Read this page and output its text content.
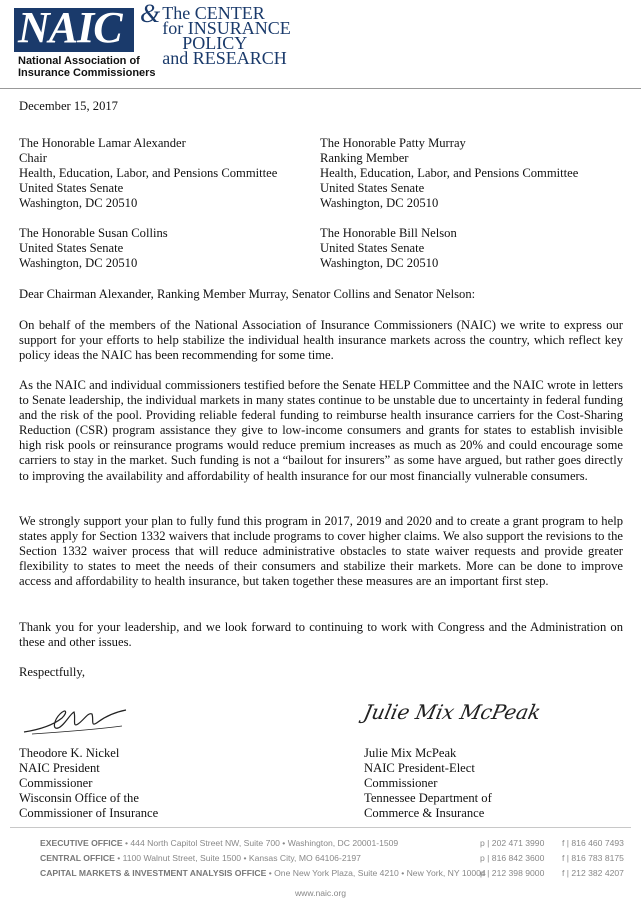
NAIC
National Association of
Insurance Commissioners
& The CENTER
for INSURANCE
POLICY
and RESEARCH
December 15, 2017
The Honorable Lamar Alexander
Chair
Health, Education, Labor, and Pensions Committee
United States Senate
Washington, DC 20510
The Honorable Patty Murray
Ranking Member
Health, Education, Labor, and Pensions Committee
United States Senate
Washington, DC 20510
The Honorable Susan Collins
United States Senate
Washington, DC 20510
The Honorable Bill Nelson
United States Senate
Washington, DC 20510
Dear Chairman Alexander, Ranking Member Murray, Senator Collins and Senator Nelson:
On behalf of the members of the National Association of Insurance Commissioners (NAIC) we write to express our support for your efforts to help stabilize the individual health insurance markets across the country, which reflect key policy ideas the NAIC has been recommending for some time.
As the NAIC and individual commissioners testified before the Senate HELP Committee and the NAIC wrote in letters to Senate leadership, the individual markets in many states continue to be unstable due to uncertainty in federal funding and the risk of the pool. Providing reliable federal funding to reimburse health insurance carriers for the Cost-Sharing Reduction (CSR) program assistance they give to low-income consumers and grants for states to establish invisible high risk pools or reinsurance programs would reduce premium increases as much as 20% and could encourage some carriers to stay in the market. Such funding is not a “bailout for insurers” as some have argued, but rather goes directly to improving the availability and affordability of health insurance for our most financially vulnerable consumers.
We strongly support your plan to fully fund this program in 2017, 2019 and 2020 and to create a grant program to help states apply for Section 1332 waivers that include programs to cover higher claims. We also support the revisions to the Section 1332 waiver process that will reduce administrative obstacles to state waiver requests and provide greater flexibility to states to meet the needs of their consumers and stabilize their markets. More can be done to improve access and affordability to health insurance, but taken together these measures are an important first step.
Thank you for your leadership, and we look forward to continuing to work with Congress and the Administration on these and other issues.
Respectfully,
Julie Mix McPeak
Theodore K. Nickel
NAIC President
Commissioner
Wisconsin Office of the
Commissioner of Insurance
Julie Mix McPeak
NAIC President-Elect
Commissioner
Tennessee Department of
Commerce & Insurance
EXECUTIVE OFFICE • 444 North Capitol Street NW, Suite 700 • Washington, DC 20001-1509	p | 202 471 3990 f | 816 460 7493
CENTRAL OFFICE • 1100 Walnut Street, Suite 1500 • Kansas City, MO 64106-2197	p | 816 842 3600 f | 816 783 8175
CAPITAL MARKETS & INVESTMENT ANALYSIS OFFICE • One New York Plaza, Suite 4210 • New York, NY 10004
p | 212 398 9000 f | 212 382 4207
www.naic.org
